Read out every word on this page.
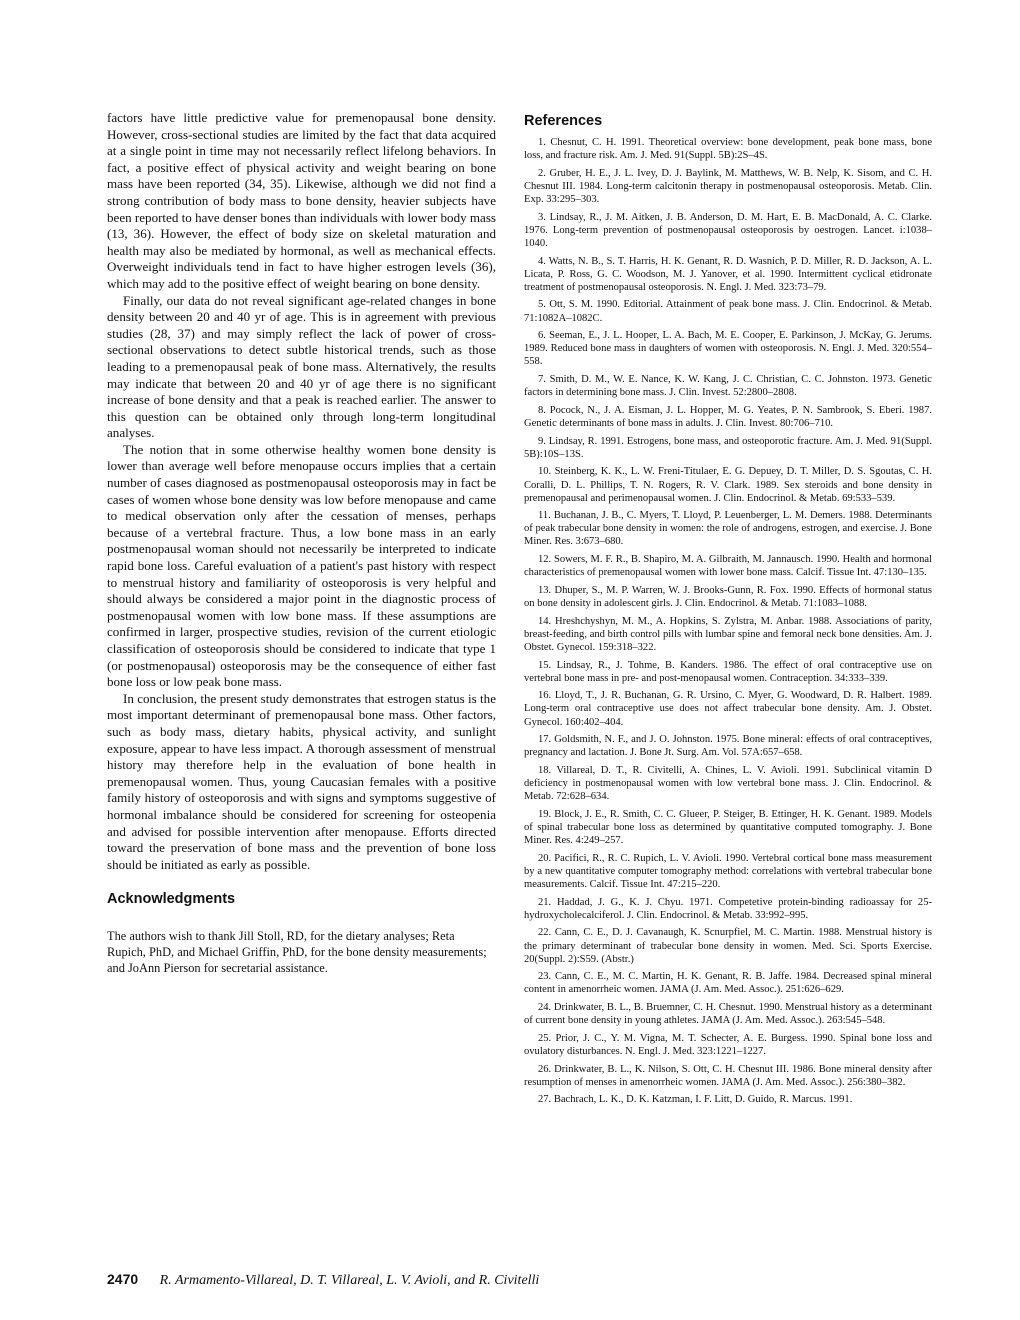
factors have little predictive value for premenopausal bone density. However, cross-sectional studies are limited by the fact that data acquired at a single point in time may not necessarily reflect lifelong behaviors. In fact, a positive effect of physical activity and weight bearing on bone mass have been reported (34, 35). Likewise, although we did not find a strong contribution of body mass to bone density, heavier subjects have been reported to have denser bones than individuals with lower body mass (13, 36). However, the effect of body size on skeletal maturation and health may also be mediated by hormonal, as well as mechanical effects. Overweight individuals tend in fact to have higher estrogen levels (36), which may add to the positive effect of weight bearing on bone density.

Finally, our data do not reveal significant age-related changes in bone density between 20 and 40 yr of age. This is in agreement with previous studies (28, 37) and may simply reflect the lack of power of cross-sectional observations to detect subtle historical trends, such as those leading to a premenopausal peak of bone mass. Alternatively, the results may indicate that between 20 and 40 yr of age there is no significant increase of bone density and that a peak is reached earlier. The answer to this question can be obtained only through long-term longitudinal analyses.

The notion that in some otherwise healthy women bone density is lower than average well before menopause occurs implies that a certain number of cases diagnosed as postmenopausal osteoporosis may in fact be cases of women whose bone density was low before menopause and came to medical observation only after the cessation of menses, perhaps because of a vertebral fracture. Thus, a low bone mass in an early postmenopausal woman should not necessarily be interpreted to indicate rapid bone loss. Careful evaluation of a patient's past history with respect to menstrual history and familiarity of osteoporosis is very helpful and should always be considered a major point in the diagnostic process of postmenopausal women with low bone mass. If these assumptions are confirmed in larger, prospective studies, revision of the current etiologic classification of osteoporosis should be considered to indicate that type 1 (or postmenopausal) osteoporosis may be the consequence of either fast bone loss or low peak bone mass.

In conclusion, the present study demonstrates that estrogen status is the most important determinant of premenopausal bone mass. Other factors, such as body mass, dietary habits, physical activity, and sunlight exposure, appear to have less impact. A thorough assessment of menstrual history may therefore help in the evaluation of bone health in premenopausal women. Thus, young Caucasian females with a positive family history of osteoporosis and with signs and symptoms suggestive of hormonal imbalance should be considered for screening for osteopenia and advised for possible intervention after menopause. Efforts directed toward the preservation of bone mass and the prevention of bone loss should be initiated as early as possible.

Acknowledgments

The authors wish to thank Jill Stoll, RD, for the dietary analyses; Reta Rupich, PhD, and Michael Griffin, PhD, for the bone density measurements; and JoAnn Pierson for secretarial assistance.

References

1. Chesnut, C. H. 1991. Theoretical overview: bone development, peak bone mass, bone loss, and fracture risk. Am. J. Med. 91(Suppl. 5B):2S–4S.

2. Gruber, H. E., J. L. Ivey, D. J. Baylink, M. Matthews, W. B. Nelp, K. Sisom, and C. H. Chesnut III. 1984. Long-term calcitonin therapy in postmenopausal osteoporosis. Metab. Clin. Exp. 33:295–303.

3. Lindsay, R., J. M. Aitken, J. B. Anderson, D. M. Hart, E. B. MacDonald, A. C. Clarke. 1976. Long-term prevention of postmenopausal osteoporosis by oestrogen. Lancet. i:1038–1040.

4. Watts, N. B., S. T. Harris, H. K. Genant, R. D. Wasnich, P. D. Miller, R. D. Jackson, A. L. Licata, P. Ross, G. C. Woodson, M. J. Yanover, et al. 1990. Intermittent cyclical etidronate treatment of postmenopausal osteoporosis. N. Engl. J. Med. 323:73–79.

5. Ott, S. M. 1990. Editorial. Attainment of peak bone mass. J. Clin. Endocrinol. & Metab. 71:1082A–1082C.

6. Seeman, E., J. L. Hooper, L. A. Bach, M. E. Cooper, E. Parkinson, J. McKay, G. Jerums. 1989. Reduced bone mass in daughters of women with osteoporosis. N. Engl. J. Med. 320:554–558.

7. Smith, D. M., W. E. Nance, K. W. Kang, J. C. Christian, C. C. Johnston. 1973. Genetic factors in determining bone mass. J. Clin. Invest. 52:2800–2808.

8. Pocock, N., J. A. Eisman, J. L. Hopper, M. G. Yeates, P. N. Sambrook, S. Eberi. 1987. Genetic determinants of bone mass in adults. J. Clin. Invest. 80:706–710.

9. Lindsay, R. 1991. Estrogens, bone mass, and osteoporotic fracture. Am. J. Med. 91(Suppl. 5B):10S–13S.

10. Steinberg, K. K., L. W. Freni-Titulaer, E. G. Depuey, D. T. Miller, D. S. Sgoutas, C. H. Coralli, D. L. Phillips, T. N. Rogers, R. V. Clark. 1989. Sex steroids and bone density in premenopausal and perimenopausal women. J. Clin. Endocrinol. & Metab. 69:533–539.

11. Buchanan, J. B., C. Myers, T. Lloyd, P. Leuenberger, L. M. Demers. 1988. Determinants of peak trabecular bone density in women: the role of androgens, estrogen, and exercise. J. Bone Miner. Res. 3:673–680.

12. Sowers, M. F. R., B. Shapiro, M. A. Gilbraith, M. Jannausch. 1990. Health and hormonal characteristics of premenopausal women with lower bone mass. Calcif. Tissue Int. 47:130–135.

13. Dhuper, S., M. P. Warren, W. J. Brooks-Gunn, R. Fox. 1990. Effects of hormonal status on bone density in adolescent girls. J. Clin. Endocrinol. & Metab. 71:1083–1088.

14. Hreshchyshyn, M. M., A. Hopkins, S. Zylstra, M. Anbar. 1988. Associations of parity, breast-feeding, and birth control pills with lumbar spine and femoral neck bone densities. Am. J. Obstet. Gynecol. 159:318–322.

15. Lindsay, R., J. Tohme, B. Kanders. 1986. The effect of oral contraceptive use on vertebral bone mass in pre- and post-menopausal women. Contraception. 34:333–339.

16. Lloyd, T., J. R. Buchanan, G. R. Ursino, C. Myer, G. Woodward, D. R. Halbert. 1989. Long-term oral contraceptive use does not affect trabecular bone density. Am. J. Obstet. Gynecol. 160:402–404.

17. Goldsmith, N. F., and J. O. Johnston. 1975. Bone mineral: effects of oral contraceptives, pregnancy and lactation. J. Bone Jt. Surg. Am. Vol. 57A:657–658.

18. Villareal, D. T., R. Civitelli, A. Chines, L. V. Avioli. 1991. Subclinical vitamin D deficiency in postmenopausal women with low vertebral bone mass. J. Clin. Endocrinol. & Metab. 72:628–634.

19. Block, J. E., R. Smith, C. C. Glueer, P. Steiger, B. Ettinger, H. K. Genant. 1989. Models of spinal trabecular bone loss as determined by quantitative computed tomography. J. Bone Miner. Res. 4:249–257.

20. Pacifici, R., R. C. Rupich, L. V. Avioli. 1990. Vertebral cortical bone mass measurement by a new quantitative computer tomography method: correlations with vertebral trabecular bone measurements. Calcif. Tissue Int. 47:215–220.

21. Haddad, J. G., K. J. Chyu. 1971. Competetive protein-binding radioassay for 25-hydroxycholecalciferol. J. Clin. Endocrinol. & Metab. 33:992–995.

22. Cann, C. E., D. J. Cavanaugh, K. Scnurpfiel, M. C. Martin. 1988. Menstrual history is the primary determinant of trabecular bone density in women. Med. Sci. Sports Exercise. 20(Suppl. 2):S59. (Abstr.)

23. Cann, C. E., M. C. Martin, H. K. Genant, R. B. Jaffe. 1984. Decreased spinal mineral content in amenorrheic women. JAMA (J. Am. Med. Assoc.). 251:626–629.

24. Drinkwater, B. L., B. Bruemner, C. H. Chesnut. 1990. Menstrual history as a determinant of current bone density in young athletes. JAMA (J. Am. Med. Assoc.). 263:545–548.

25. Prior, J. C., Y. M. Vigna, M. T. Schecter, A. E. Burgess. 1990. Spinal bone loss and ovulatory disturbances. N. Engl. J. Med. 323:1221–1227.

26. Drinkwater, B. L., K. Nilson, S. Ott, C. H. Chesnut III. 1986. Bone mineral density after resumption of menses in amenorrheic women. JAMA (J. Am. Med. Assoc.). 256:380–382.

27. Bachrach, L. K., D. K. Katzman, I. F. Litt, D. Guido, R. Marcus. 1991.

2470 R. Armamento-Villareal, D. T. Villareal, L. V. Avioli, and R. Civitelli
